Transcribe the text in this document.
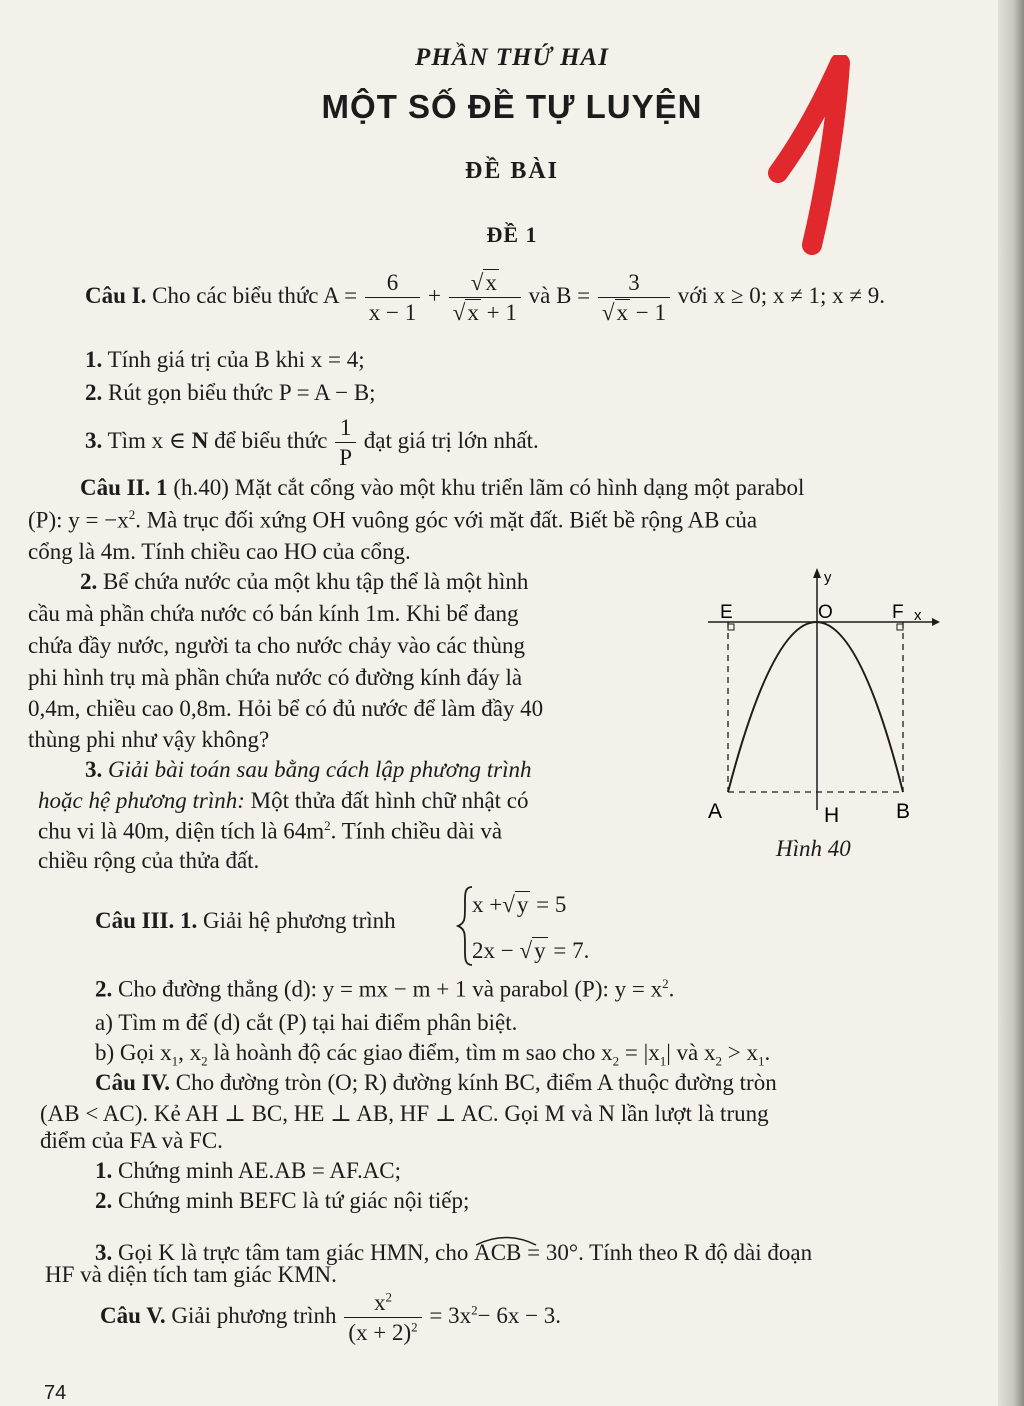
PHẦN THỨ HAI
MỘT SỐ ĐỀ TỰ LUYỆN
ĐỀ BÀI
ĐỀ 1
Câu I. Cho các biểu thức $A = \frac{6}{x - 1} + \frac{√x}{√x + 1}$ và $B = \frac{3}{√x - 1}$ với x ≥ 0; x ≠ 1; x ≠ 9.
1. Tính giá trị của B khi x = 4;
2. Rút gọn biểu thức P = A − B;
3. Tìm x ∈ N để biểu thức $\frac{1}{P}$ đạt giá trị lớn nhất.
Câu II. 1 (h.40) Mặt cắt cổng vào một khu triển lãm có hình dạng một parabol
(P): $y = -x^2$. Mà trục đối xứng OH vuông góc với mặt đất. Biết bề rộng AB của
cổng là 4m. Tính chiều cao HO của cổng.
2. Bể chứa nước của một khu tập thể là một hình
cầu mà phần chứa nước có bán kính 1m. Khi bể đang
chứa đầy nước, người ta cho nước chảy vào các thùng
phi hình trụ mà phần chứa nước có đường kính đáy là
0,4m, chiều cao 0,8m. Hỏi bể có đủ nước để làm đầy 40
thùng phi như vậy không?
3. Giải bài toán sau bằng cách lập phương trình
hoặc hệ phương trình: Một thửa đất hình chữ nhật có
chu vi là 40m, diện tích là $64m^2$. Tính chiều dài và
chiều rộng của thửa đất.
y
x
E	O	F
A	H	B
Hình 40
Câu III. 1. Giải hệ phương trình
x +√y = 5
2x − √y = 7.
2. Cho đường thẳng (d): y = mx − m + 1 và parabol (P): $y = x^2$.
a) Tìm m để (d) cắt (P) tại hai điểm phân biệt.
b) Gọi $x_1$, $x_2$ là hoành độ các giao điểm, tìm m sao cho $x_2 = |x_1|$ và $x_2 > x_1$.
Câu IV. Cho đường tròn (O; R) đường kính BC, điểm A thuộc đường tròn
(AB < AC). Kẻ AH ⊥ BC, HE ⊥ AB, HF ⊥ AC. Gọi M và N lần lượt là trung
điểm của FA và FC.
1. Chứng minh AE.AB = AF.AC;
2. Chứng minh BEFC là tứ giác nội tiếp;
3. Gọi K là trực tâm tam giác HMN, cho ACB = 30°. Tính theo R độ dài đoạn
HF và diện tích tam giác KMN.
Câu V. Giải phương trình $\frac{x^2}{(x + 2)^2} = 3x^2- 6x - 3$.
74
